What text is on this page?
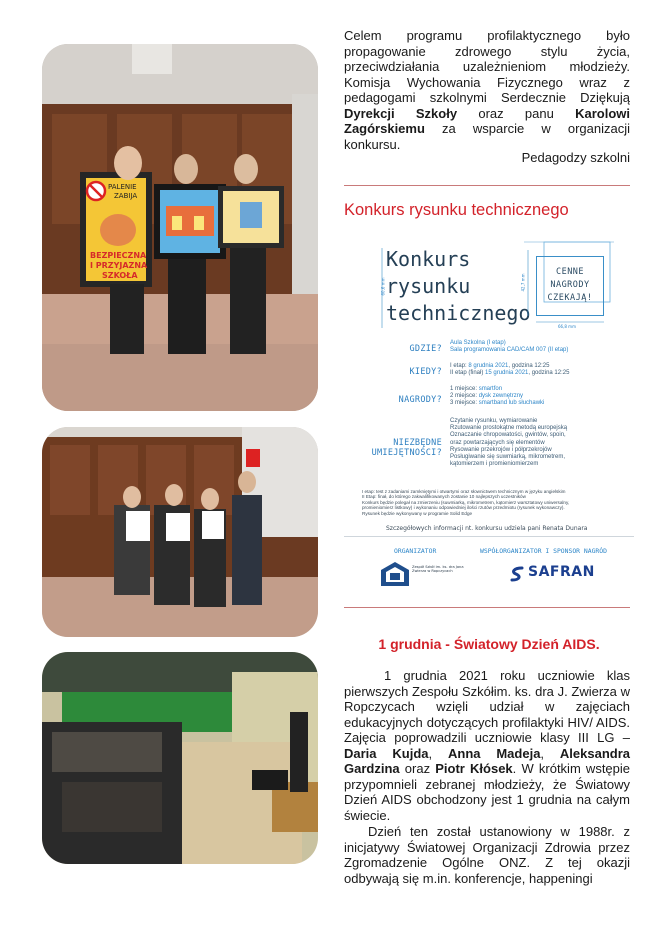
PALENIE
ZABIJA
BEZPIECZNA
I PRZYJAZNA
SZKOŁA
Celem programu profilaktycznego było propagowanie zdrowego stylu życia, przeciwdziałania uzależnieniom młodzieży. Komisja Wychowania Fizycznego wraz z pedagogami szkolnymi Serdecznie Dziękują Dyrekcji Szkoły oraz panu Karolowi Zagórskiemu za wsparcie w organizacji konkursu.
Pedagodzy szkolni
Konkurs rysunku technicznego
Konkurs
rysunku
technicznego
60,6 mm	42,7 mm
66,8 mm
CENNE
NAGRODY
CZEKAJĄ!
GDZIE?
Aula Szkolna (I etap)
Sala programowania CAD/CAM 007 (II etap)
KIEDY?
I etap: 8 grudnia 2021, godzina 12:25
II etap (finał) 15 grudnia 2021, godzina 12:25
NAGRODY?
1 miejsce: smartfon
2 miejsce: dysk zewnętrzny
3 miejsce: smartband lub słuchawki
NIEZBĘDNE
UMIEJĘTNOŚCI?
Czytanie rysunku, wymiarowanie
Rzutowanie prostokątne metodą europejską
Oznaczanie chropowatości, gwintów, spoin,
oraz powtarzających się elementów
Rysowanie przekrojów i półprzekrojów
Posługiwanie się suwmiarką, mikrometrem,
kątomierzem i promieniomierzem
I etap: test z zadaniami zamkniętymi i otwartymi oraz słownictwem technicznym w języku angielskim
II Etap: finał, do którego zakwalifikowanych zostanie 10 najlepszych uczestników
Konkurs będzie polegał na zmierzeniu (suwmiarką, mikrometrem, kątomierz warsztatowy uniwersalny,
promieniomierz listkowy) i wykonaniu odpowiedniej ilości rzutów przedmiotu (rysunek wykonawczy).
Rysunek będzie wykonywany w programie Solid Edge
Szczegółowych informacji nt. konkursu udziela pani Renata Dunara
ORGANIZATOR	WSPÓŁORGANIZATOR I SPONSOR NAGRÓD
Zespół Szkół im. ks. dra Jana Zwierza w Ropczycach	SAFRAN
1 grudnia - Światowy Dzień AIDS.
1 grudnia 2021 roku uczniowie klas pierwszych Zespołu Szkółim. ks. dra J. Zwierza w Ropczycach wzięli udział w zajęciach edukacyjnych dotyczących profilaktyki HIV/ AIDS. Zajęcia poprowadzili uczniowie klasy III LG – Daria Kujda, Anna Madeja, Aleksandra Gardzina oraz Piotr Kłósek. W krótkim wstępie przypomnieli zebranej młodzieży, że Światowy Dzień AIDS obchodzony jest 1 grudnia na całym świecie.
Dzień ten został ustanowiony w 1988r. z inicjatywy Światowej Organizacji Zdrowia przez Zgromadzenie Ogólne ONZ. Z tej okazji odbywają się m.in. konferencje, happeningi
